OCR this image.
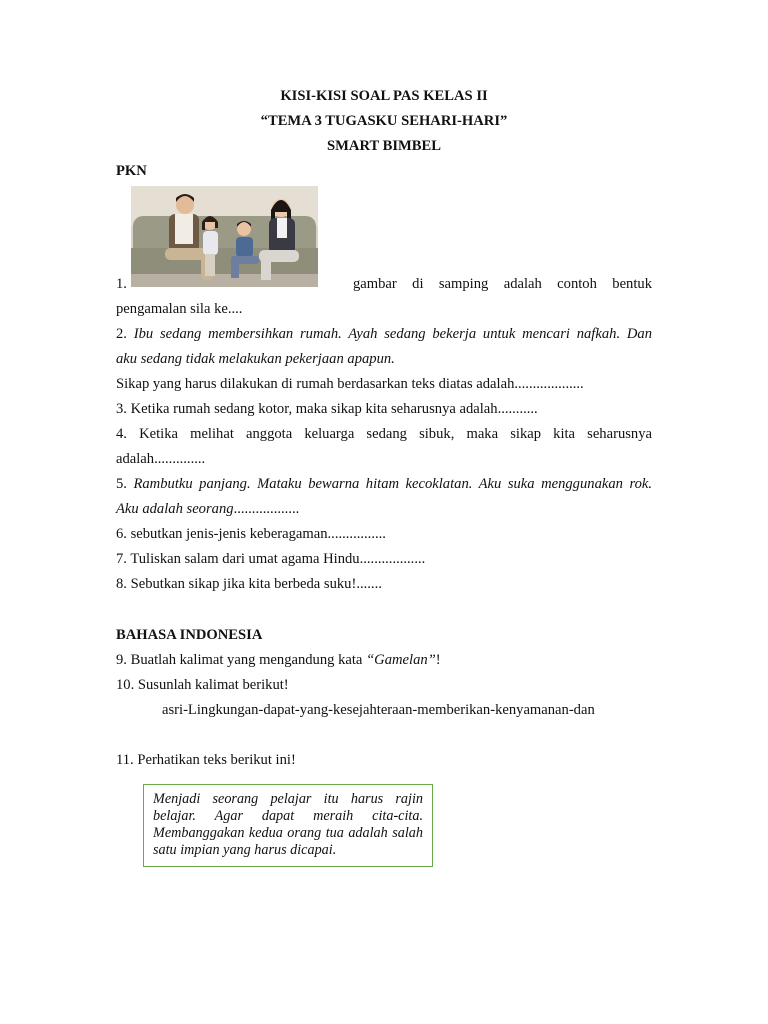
KISI-KISI SOAL PAS KELAS II
“TEMA 3 TUGASKU SEHARI-HARI”
SMART BIMBEL
PKN
1.	gambar di samping adalah contoh bentuk
pengamalan sila ke....
2. Ibu sedang membersihkan rumah. Ayah sedang bekerja untuk mencari nafkah. Dan
aku sedang tidak melakukan pekerjaan apapun.
Sikap yang harus dilakukan di rumah berdasarkan teks diatas adalah...................
3. Ketika rumah sedang kotor, maka sikap kita seharusnya adalah...........
4. Ketika melihat anggota keluarga sedang sibuk, maka sikap kita seharusnya
adalah..............
5. Rambutku panjang. Mataku bewarna hitam kecoklatan. Aku suka menggunakan rok.
Aku adalah seorang..................
6. sebutkan jenis-jenis keberagaman................
7. Tuliskan salam dari umat agama Hindu..................
8. Sebutkan sikap jika kita berbeda suku!.......
BAHASA INDONESIA
9. Buatlah kalimat yang mengandung kata “Gamelan”!
10. Susunlah kalimat berikut!
asri-Lingkungan-dapat-yang-kesejahteraan-memberikan-kenyamanan-dan
11. Perhatikan teks berikut ini!

Menjadi seorang pelajar itu harus rajin belajar. Agar dapat meraih cita-cita. Membanggakan kedua orang tua adalah salah satu impian yang harus dicapai.
